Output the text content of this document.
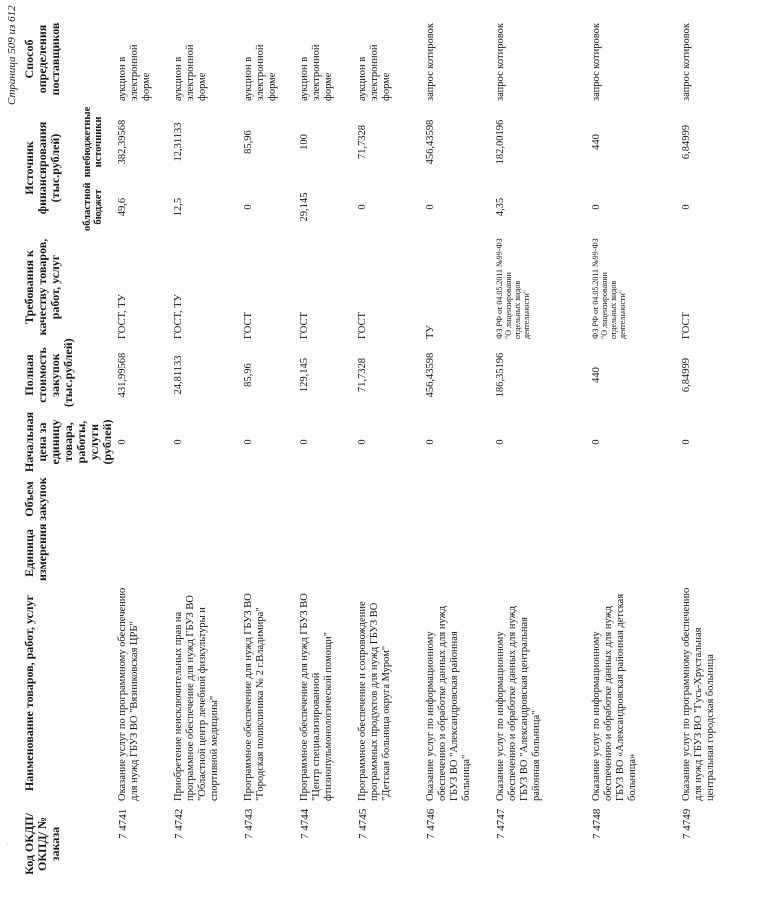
· Код ОКДП/ ОКПД/ № заказа		Наименование товаров, работ, услуг	Единица измерения	Объем закупок	Начальная цена за единицу товара, работы, услуги (рублей)	Полная стоимость закупок (тыс.рублей)	Требования к качеству товаров, работ, услуг	Источник финансирования (тыс.рублей)		Способ определения поставщиков
								областной бюджет	внебюджетные источники	
	7 4741	Оказание услуг по программному обеспечению для нужд ГБУЗ ВО "Вязниковская ЦРБ"			0	431,99568	ГОСТ, ТУ	49,6	382,39568	аукцион в электронной форме
	7 4742	Приобретение неисключительных прав на программное обеспечение для нужд ГБУЗ ВО "Областной центр лечебной физкультуры и спортивной медицины"			0	24,81133	ГОСТ, ТУ	12,5	12,31133	аукцион в электронной форме
	7 4743	Программное обеспечение для нужд ГБУЗ ВО "Городская поликлиника № 2 г.Владимира"			0	85,96	ГОСТ	0	85,96	аукцион в электронной форме
	7 4744	Программное обеспечение для нужд ГБУЗ ВО "Центр специализированной фтизиопульмонологической помощи"			0	129,145	ГОСТ	29,145	100	аукцион в электронной форме
	7 4745	Программное обеспечение и сопровождение программных продуктов для нужд ГБУЗ ВО "Детская больница округа Муром"			0	71,7328	ГОСТ	0	71,7328	аукцион в электронной форме
	7 4746	Оказание услуг по информационному обеспечению и обработке данных для нужд ГБУЗ ВО "Александровская районная больница"			0	456,43598	ТУ	0	456,43598	запрос котировок
	7 4747	Оказание услуг по информационному обеспечению и обработке данных для нужд ГБУЗ ВО "Александровская центральная районная больница"			0	186,35196	ФЗ РФ от 04.05.2011 №99-ФЗ "О лицензировании отдельных видов деятельности"	4,35	182,00196	запрос котировок
	7 4748	Оказание услуг по информационному обеспечению и обработке данных для нужд ГБУЗ ВО «Александровская районная детская больница»			0	440	ФЗ РФ от 04.05.2011 №99-ФЗ "О лицензировании отдельных видов деятельности"	0	440	запрос котировок
	7 4749	Оказание услуг по программному обеспечению для нужд ГБУЗ ВО "Гусь-Хрустальная центральная городская больница			0	6,84999	ГОСТ	0	6,84999	запрос котировок
Страница 509 из 612
